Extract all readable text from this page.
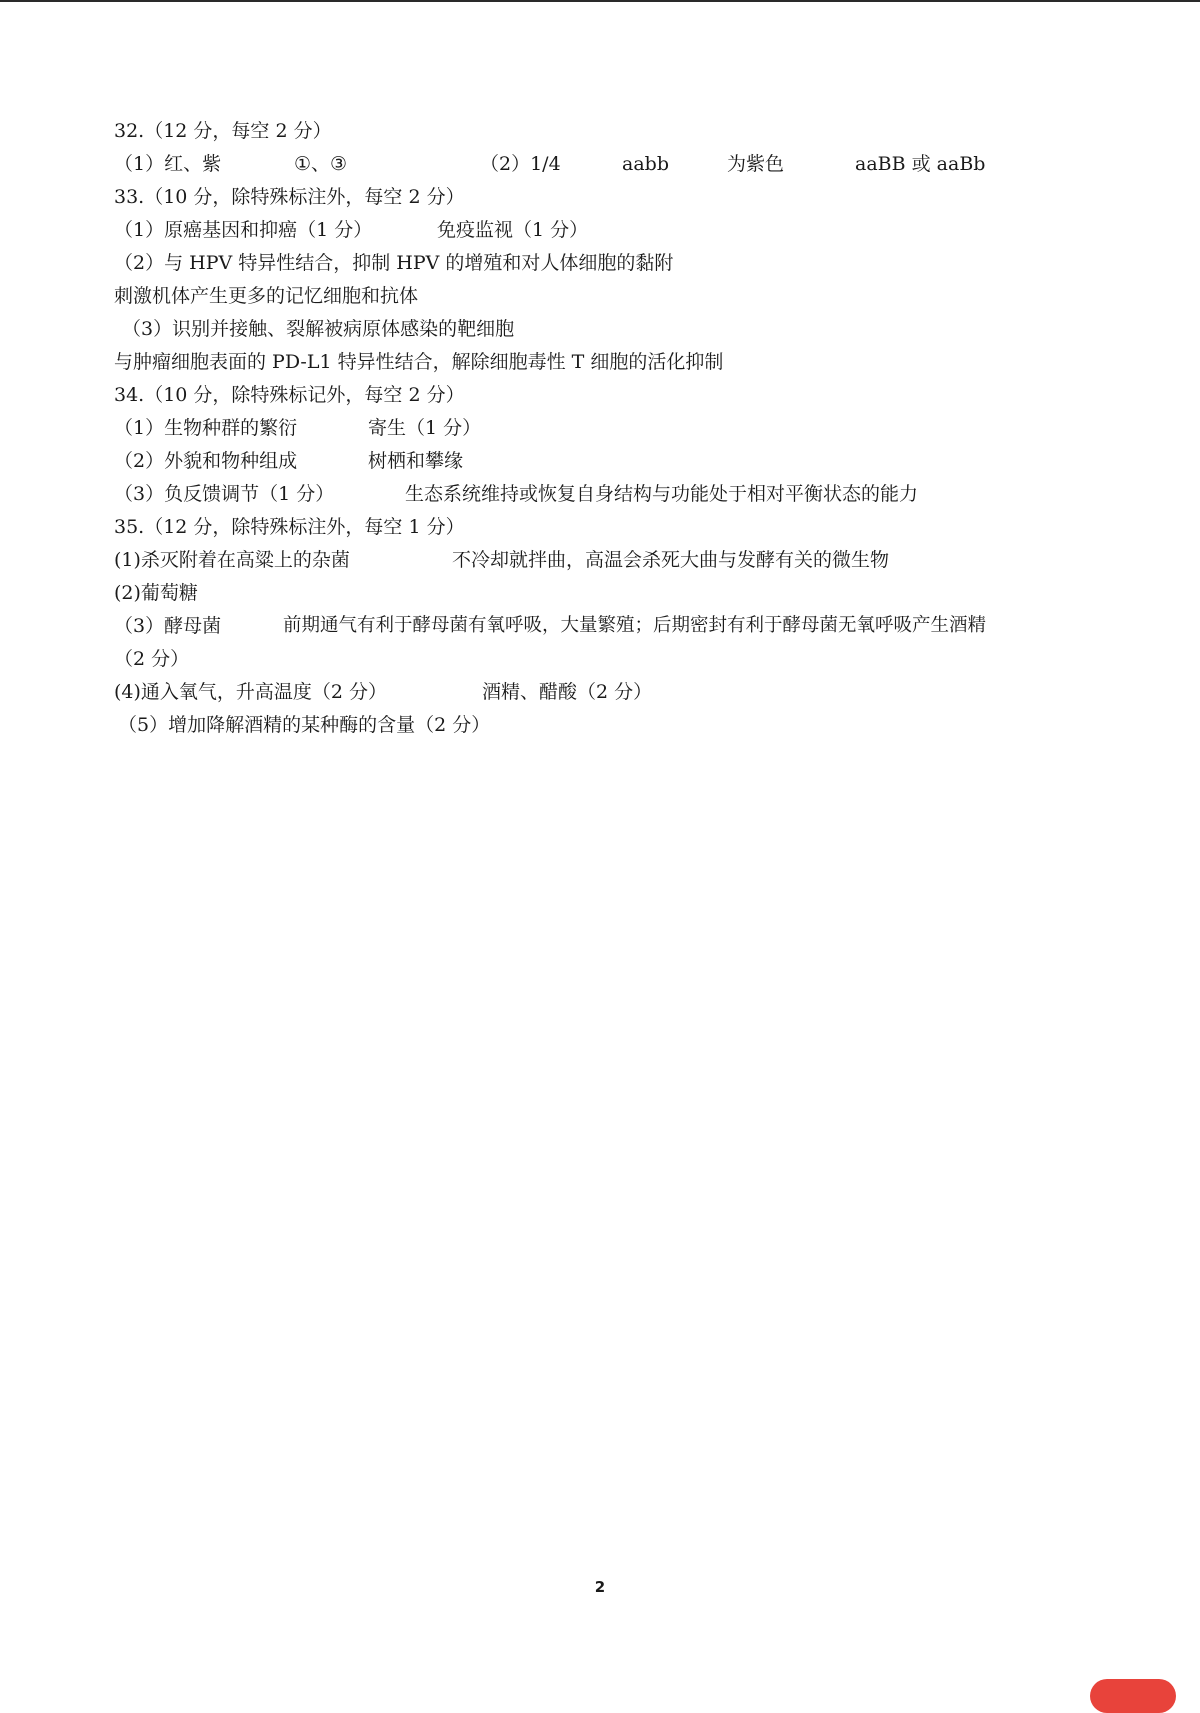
32.（12 分，每空 2 分）
（1）红、紫	①、③	（2）1/4	aabb	为紫色	aaBB 或 aaBb
33.（10 分，除特殊标注外，每空 2 分）
（1）原癌基因和抑癌（1 分）	免疫监视（1 分）
（2）与 HPV 特异性结合，抑制 HPV 的增殖和对人体细胞的黏附
刺激机体产生更多的记忆细胞和抗体
（3）识别并接触、裂解被病原体感染的靶细胞
与肿瘤细胞表面的 PD-L1 特异性结合，解除细胞毒性 T 细胞的活化抑制
34.（10 分，除特殊标记外，每空 2 分）
（1）生物种群的繁衍	寄生（1 分）
（2）外貌和物种组成	树栖和攀缘
（3）负反馈调节（1 分）	生态系统维持或恢复自身结构与功能处于相对平衡状态的能力
35.（12 分，除特殊标注外，每空 1 分）
(1)杀灭附着在高粱上的杂菌	不冷却就拌曲，高温会杀死大曲与发酵有关的微生物
(2)葡萄糖
（3）酵母菌	前期通气有利于酵母菌有氧呼吸，大量繁殖；后期密封有利于酵母菌无氧呼吸产生酒精
（2 分）
(4)通入氧气，升高温度（2 分）	酒精、醋酸（2 分）
（5）增加降解酒精的某种酶的含量（2 分）
2
